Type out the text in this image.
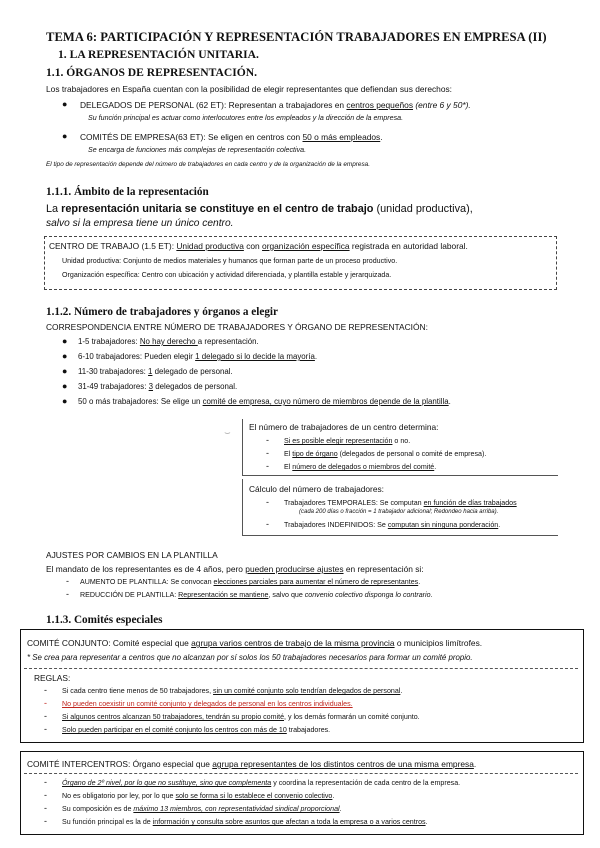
TEMA 6: PARTICIPACIÓN Y REPRESENTACIÓN TRABAJADORES EN EMPRESA (II)
1. LA REPRESENTACIÓN UNITARIA.
1.1. ÓRGANOS DE REPRESENTACIÓN.
Los trabajadores en España cuentan con la posibilidad de elegir representantes que defiendan sus derechos:
● DELEGADOS DE PERSONAL (62 ET): Representan a trabajadores en centros pequeños (entre 6 y 50*).
Su función principal es actuar como interlocutores entre los empleados y la dirección de la empresa.
● COMITÉS DE EMPRESA(63 ET): Se eligen en centros con 50 o más empleados.
Se encarga de funciones más complejas de representación colectiva.
El tipo de representación depende del número de trabajadores en cada centro y de la organización de la empresa.
1.1.1. Ámbito de la representación
La representación unitaria se constituye en el centro de trabajo (unidad productiva),
salvo si la empresa tiene un único centro.
CENTRO DE TRABAJO (1.5 ET): Unidad productiva con organización específica registrada en autoridad laboral.
Unidad productiva: Conjunto de medios materiales y humanos que forman parte de un proceso productivo.
Organización específica: Centro con ubicación y actividad diferenciada, y plantilla estable y jerarquizada.
1.1.2. Número de trabajadores y órganos a elegir
CORRESPONDENCIA ENTRE NÚMERO DE TRABAJADORES Y ÓRGANO DE REPRESENTACIÓN:
● 1-5 trabajadores: No hay derecho a representación.
● 6-10 trabajadores: Pueden elegir 1 delegado si lo decide la mayoría.
● 11-30 trabajadores: 1 delegado de personal.
● 31-49 trabajadores: 3 delegados de personal.
● 50 o más trabajadores: Se elige un comité de empresa, cuyo número de miembros depende de la plantilla.
‿ El número de trabajadores de un centro determina:
- Si es posible elegir representación o no.
- El tipo de órgano (delegados de personal o comité de empresa).
- El número de delegados o miembros del comité.
Cálculo del número de trabajadores:
- Trabajadores TEMPORALES: Se computan en función de días trabajados
(cada 200 días o fracción = 1 trabajador adicional; Redondeo hacia arriba).
- Trabajadores INDEFINIDOS: Se computan sin ninguna ponderación.
AJUSTES POR CAMBIOS EN LA PLANTILLA
El mandato de los representantes es de 4 años, pero pueden producirse ajustes en representación si:
- AUMENTO DE PLANTILLA: Se convocan elecciones parciales para aumentar el número de representantes.
- REDUCCIÓN DE PLANTILLA: Representación se mantiene, salvo que convenio colectivo disponga lo contrario.
1.1.3. Comités especiales
COMITÉ CONJUNTO: Comité especial que agrupa varios centros de trabajo de la misma provincia o municipios limítrofes.
* Se crea para representar a centros que no alcanzan por sí solos los 50 trabajadores necesarios para formar un comité propio.
REGLAS:
- Si cada centro tiene menos de 50 trabajadores, sin un comité conjunto solo tendrían delegados de personal.
- No pueden coexistir un comité conjunto y delegados de personal en los centros individuales.
- Si algunos centros alcanzan 50 trabajadores, tendrán su propio comité, y los demás formarán un comité conjunto.
- Solo pueden participar en el comité conjunto los centros con más de 10 trabajadores.
COMITÉ INTERCENTROS: Órgano especial que agrupa representantes de los distintos centros de una misma empresa.
- Órgano de 2º nivel, por lo que no sustituye, sino que complementa y coordina la representación de cada centro de la empresa.
- No es obligatorio por ley, por lo que solo se forma si lo establece el convenio colectivo.
- Su composición es de máximo 13 miembros, con representatividad sindical proporcional.
- Su función principal es la de información y consulta sobre asuntos que afectan a toda la empresa o a varios centros.
